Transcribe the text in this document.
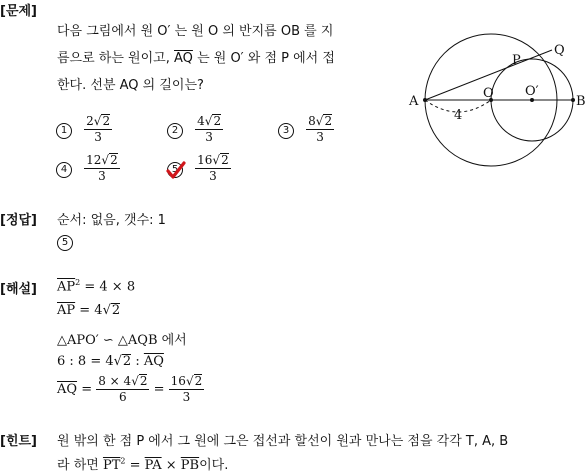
[문제]
[정답]
[해설]
[힌트]
다음 그림에서 원 O′ 는 원 O 의 반지름 OB 를 지
름으로 하는 원이고, $\overline{AQ}$ 는 원 O′ 와 점 P 에서 접
한다. 선분 AQ 의 길이는?
$1 \frac{2√2}{3}$	$2 \frac{4√2}{3}$	$3 \frac{8√2}{3}$
$4 \frac{12√2}{3}$	$5 \frac{16√2}{3}$
A
O O′
B
P
Q
4
순서: 없음, 갯수: 1
5
$\overline{AP}^2 = 4 \times 8$
$\overline{AP} = 4√2$
△APO′ ∽ △AQB 에서
6 : 8 = 4√2 : $\overline{AQ}$
$\overline{AQ} = \frac{8 \times 4√2}{6} = \frac{16√2}{3}$
원 밖의 한 점 P 에서 그 원에 그은 접선과 할선이 원과 만나는 점을 각각 T, A, B
라 하면 $\overline{PT}^2 = \overline{PA} \times \overline{PB}$이다.
